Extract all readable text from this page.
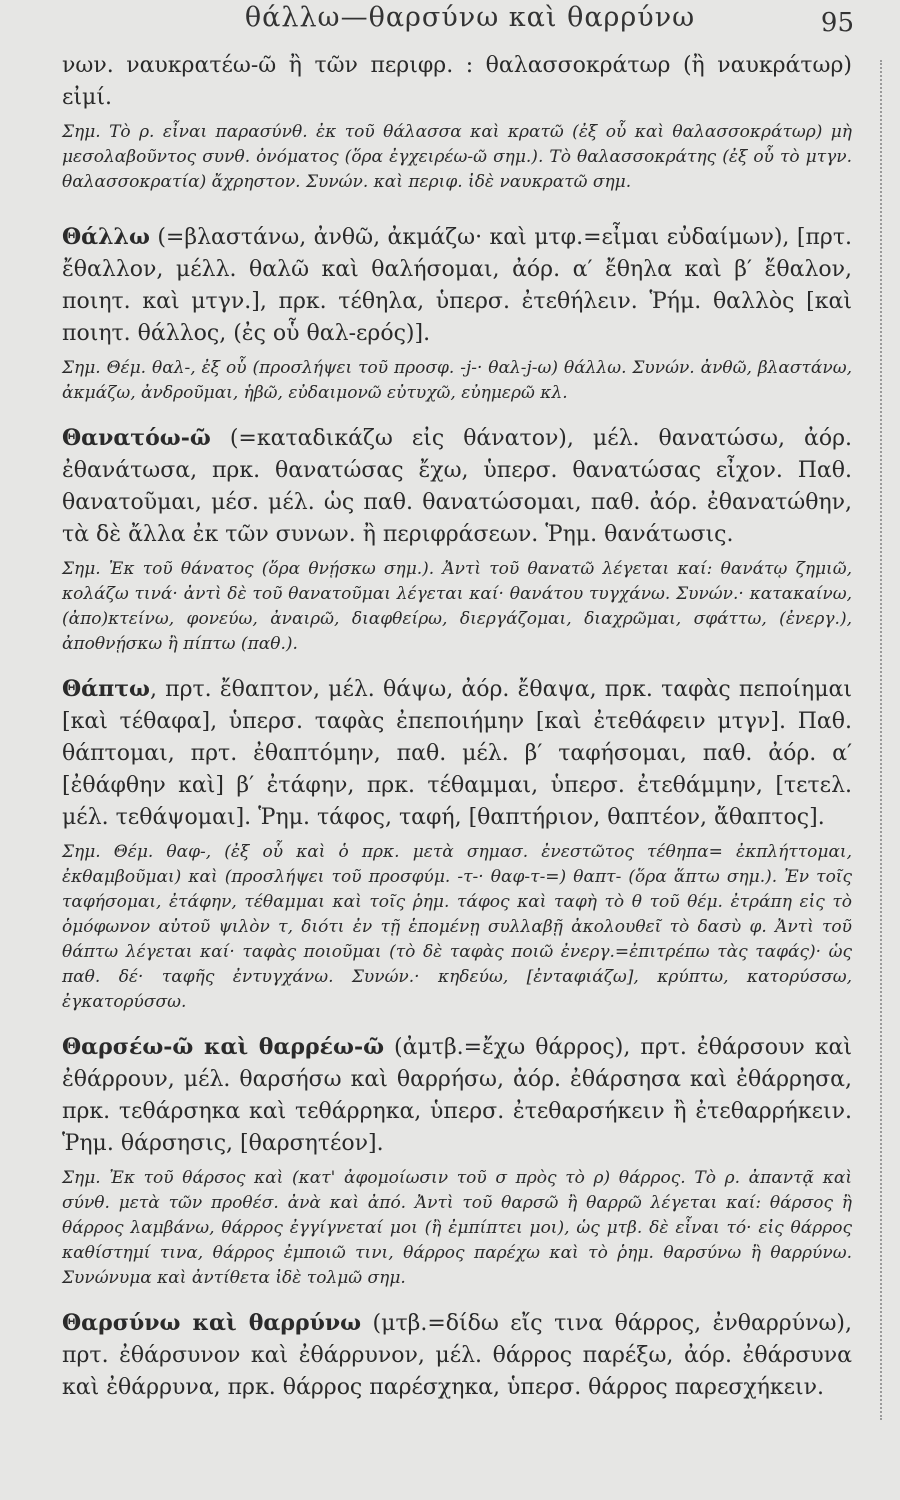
θάλλω—θαρσύνω καὶ θαρρύνω	95

νων. ναυκρατέω-ῶ ἢ τῶν περιφρ. : θαλασσοκράτωρ (ἢ ναυκράτωρ) εἰμί.

Σημ. Τὸ ρ. εἶναι παρασύνθ. ἐκ τοῦ θάλασσα καὶ κρατῶ (ἐξ οὗ καὶ θαλασσοκράτωρ) μὴ μεσολαβοῦντος συνθ. ὀνόματος (ὅρα ἐγχειρέω-ῶ σημ.). Τὸ θαλασσοκράτης (ἐξ οὗ τὸ μτγν. θαλασσοκρατία) ἄχρηστον. Συνών. καὶ περιφ. ἰδὲ ναυκρατῶ σημ.

Θάλλω (=βλαστάνω, ἀνθῶ, ἀκμάζω· καὶ μτφ.=εἶμαι εὐδαίμων), [πρτ. ἔθαλλον, μέλλ. θαλῶ καὶ θαλήσομαι, ἀόρ. α′ ἔθηλα καὶ β′ ἔθαλον, ποιητ. καὶ μτγν.], πρκ. τέθηλα, ὑπερσ. ἐτεθήλειν. Ῥήμ. θαλλὸς [καὶ ποιητ. θάλλος, (ἐς οὗ θαλ-ερός)].

Σημ. Θέμ. θαλ-, ἐξ οὗ (προσλήψει τοῦ προσφ. -j-· θαλ-j-ω) θάλλω. Συνών. ἀνθῶ, βλαστάνω, ἀκμάζω, ἀνδροῦμαι, ἡβῶ, εὐδαιμονῶ εὐτυχῶ, εὐημερῶ κλ.

Θανατόω-ῶ (=καταδικάζω εἰς θάνατον), μέλ. θανατώσω, ἀόρ. ἐθανάτωσα, πρκ. θανατώσας ἔχω, ὑπερσ. θανατώσας εἶχον. Παθ. θανατοῦμαι, μέσ. μέλ. ὡς παθ. θανατώσομαι, παθ. ἀόρ. ἐθανατώθην, τὰ δὲ ἄλλα ἐκ τῶν συνων. ἢ περιφράσεων. Ῥημ. θανάτωσις.

Σημ. Ἐκ τοῦ θάνατος (ὅρα θνῄσκω σημ.). Ἀντὶ τοῦ θανατῶ λέγεται καί: θανάτῳ ζημιῶ, κολάζω τινά· ἀντὶ δὲ τοῦ θανατοῦμαι λέγεται καί· θανάτου τυγχάνω. Συνών.· κατακαίνω, (ἀπο)κτείνω, φονεύω, ἀναιρῶ, διαφθείρω, διεργάζομαι, διαχρῶμαι, σφάττω, (ἐνεργ.), ἀποθνῄσκω ἢ πίπτω (παθ.).

Θάπτω, πρτ. ἔθαπτον, μέλ. θάψω, ἀόρ. ἔθαψα, πρκ. ταφὰς πεποίημαι [καὶ τέθαφα], ὑπερσ. ταφὰς ἐπεποιήμην [καὶ ἐτεθάφειν μτγν]. Παθ. θάπτομαι, πρτ. ἐθαπτόμην, παθ. μέλ. β′ ταφήσομαι, παθ. ἀόρ. α′ [ἐθάφθην καὶ] β′ ἐτάφην, πρκ. τέθαμμαι, ὑπερσ. ἐτεθάμμην, [τετελ. μέλ. τεθάψομαι]. Ῥημ. τάφος, ταφή, [θαπτήριον, θαπτέον, ἄθαπτος].

Σημ. Θέμ. θαφ-, (ἐξ οὗ καὶ ὁ πρκ. μετὰ σημασ. ἐνεστῶτος τέθηπα= ἐκπλήττομαι, ἐκθαμβοῦμαι) καὶ (προσλήψει τοῦ προσφύμ. -τ-· θαφ-τ-=) θαπτ- (ὅρα ἅπτω σημ.). Ἐν τοῖς ταφήσομαι, ἐτάφην, τέθαμμαι καὶ τοῖς ῥημ. τάφος καὶ ταφὴ τὸ θ τοῦ θέμ. ἐτράπη εἰς τὸ ὁμόφωνον αὐτοῦ ψιλὸν τ, διότι ἐν τῇ ἑπομένῃ συλλαβῇ ἀκολουθεῖ τὸ δασὺ φ. Ἀντὶ τοῦ θάπτω λέγεται καί· ταφὰς ποιοῦμαι (τὸ δὲ ταφὰς ποιῶ ἐνεργ.=ἐπιτρέπω τὰς ταφάς)· ὡς παθ. δέ· ταφῆς ἐντυγχάνω. Συνών.· κηδεύω, [ἐνταφιάζω], κρύπτω, κατορύσσω, ἐγκατορύσσω.

Θαρσέω-ῶ καὶ θαρρέω-ῶ (ἀμτβ.=ἔχω θάρρος), πρτ. ἐθάρσουν καὶ ἐθάρρουν, μέλ. θαρσήσω καὶ θαρρήσω, ἀόρ. ἐθάρσησα καὶ ἐθάρρησα, πρκ. τεθάρσηκα καὶ τεθάρρηκα, ὑπερσ. ἐτεθαρσήκειν ἢ ἐτεθαρρήκειν. Ῥημ. θάρσησις, [θαρσητέον].

Σημ. Ἐκ τοῦ θάρσος καὶ (κατ' ἀφομοίωσιν τοῦ σ πρὸς τὸ ρ) θάρρος. Τὸ ρ. ἀπαντᾷ καὶ σύνθ. μετὰ τῶν προθέσ. ἀνὰ καὶ ἀπό. Ἀντὶ τοῦ θαρσῶ ἢ θαρρῶ λέγεται καί: θάρσος ἢ θάρρος λαμβάνω, θάρρος ἐγγίγνεταί μοι (ἢ ἐμπίπτει μοι), ὡς μτβ. δὲ εἶναι τό· εἰς θάρρος καθίστημί τινα, θάρρος ἐμποιῶ τινι, θάρρος παρέχω καὶ τὸ ῥημ. θαρσύνω ἢ θαρρύνω. Συνώνυμα καὶ ἀντίθετα ἰδὲ τολμῶ σημ.

Θαρσύνω καὶ θαρρύνω (μτβ.=δίδω εἴς τινα θάρρος, ἐνθαρρύνω), πρτ. ἐθάρσυνον καὶ ἐθάρρυνον, μέλ. θάρρος παρέξω, ἀόρ. ἐθάρσυνα καὶ ἐθάρρυνα, πρκ. θάρρος παρέσχηκα, ὑπερσ. θάρρος παρεσχήκειν.
